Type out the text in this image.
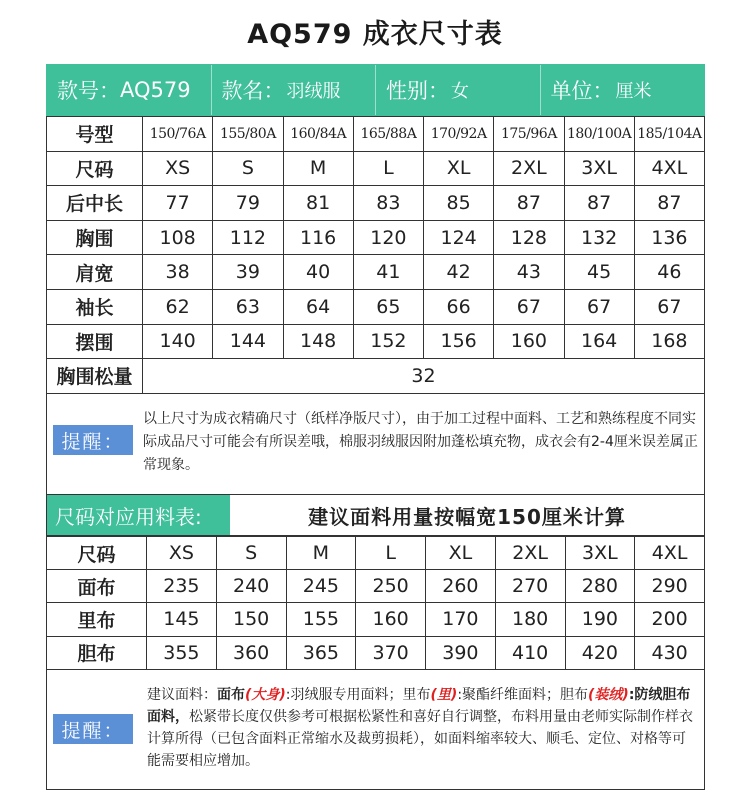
AQ579 成衣尺寸表
款号： AQ579 款名： 羽绒服 性别： 女	单位： 厘米
号型	150/76A	155/80A	160/84A	165/88A	170/92A	175/96A	180/100A	185/104A
尺码	XS	S	M	L	XL	2XL	3XL	4XL
后中长	77	79	81	83	85	87	87	87
胸围	108	112	116	120	124	128	132	136
肩宽	38	39	40	41	42	43	45	46
袖长	62	63	64	65	66	67	67	67
摆围	140	144	148	152	156	160	164	168
胸围松量	32							
提醒：
以上尺寸为成衣精确尺寸（纸样净版尺寸），由于加工过程中面料、工艺和熟练程度不同实际成品尺寸可能会有所误差哦，棉服羽绒服因附加蓬松填充物，成衣会有2-4厘米误差属正常现象。
尺码对应用料表:	建议面料用量按幅宽150厘米计算
尺码	XS	S	M	L	XL	2XL	3XL	4XL
面布	235	240	245	250	260	270	280	290
里布	145	150	155	160	170	180	190	200
胆布	355	360	365	370	390	410	420	430
提醒：
建议面料：面布(大身):羽绒服专用面料；里布(里):聚酯纤维面料；胆布(装绒):防绒胆布面料，松紧带长度仅供参考可根据松紧性和喜好自行调整，布料用量由老师实际制作样衣计算所得（已包含面料正常缩水及裁剪损耗），如面料缩率较大、顺毛、定位、对格等可能需要相应增加。
